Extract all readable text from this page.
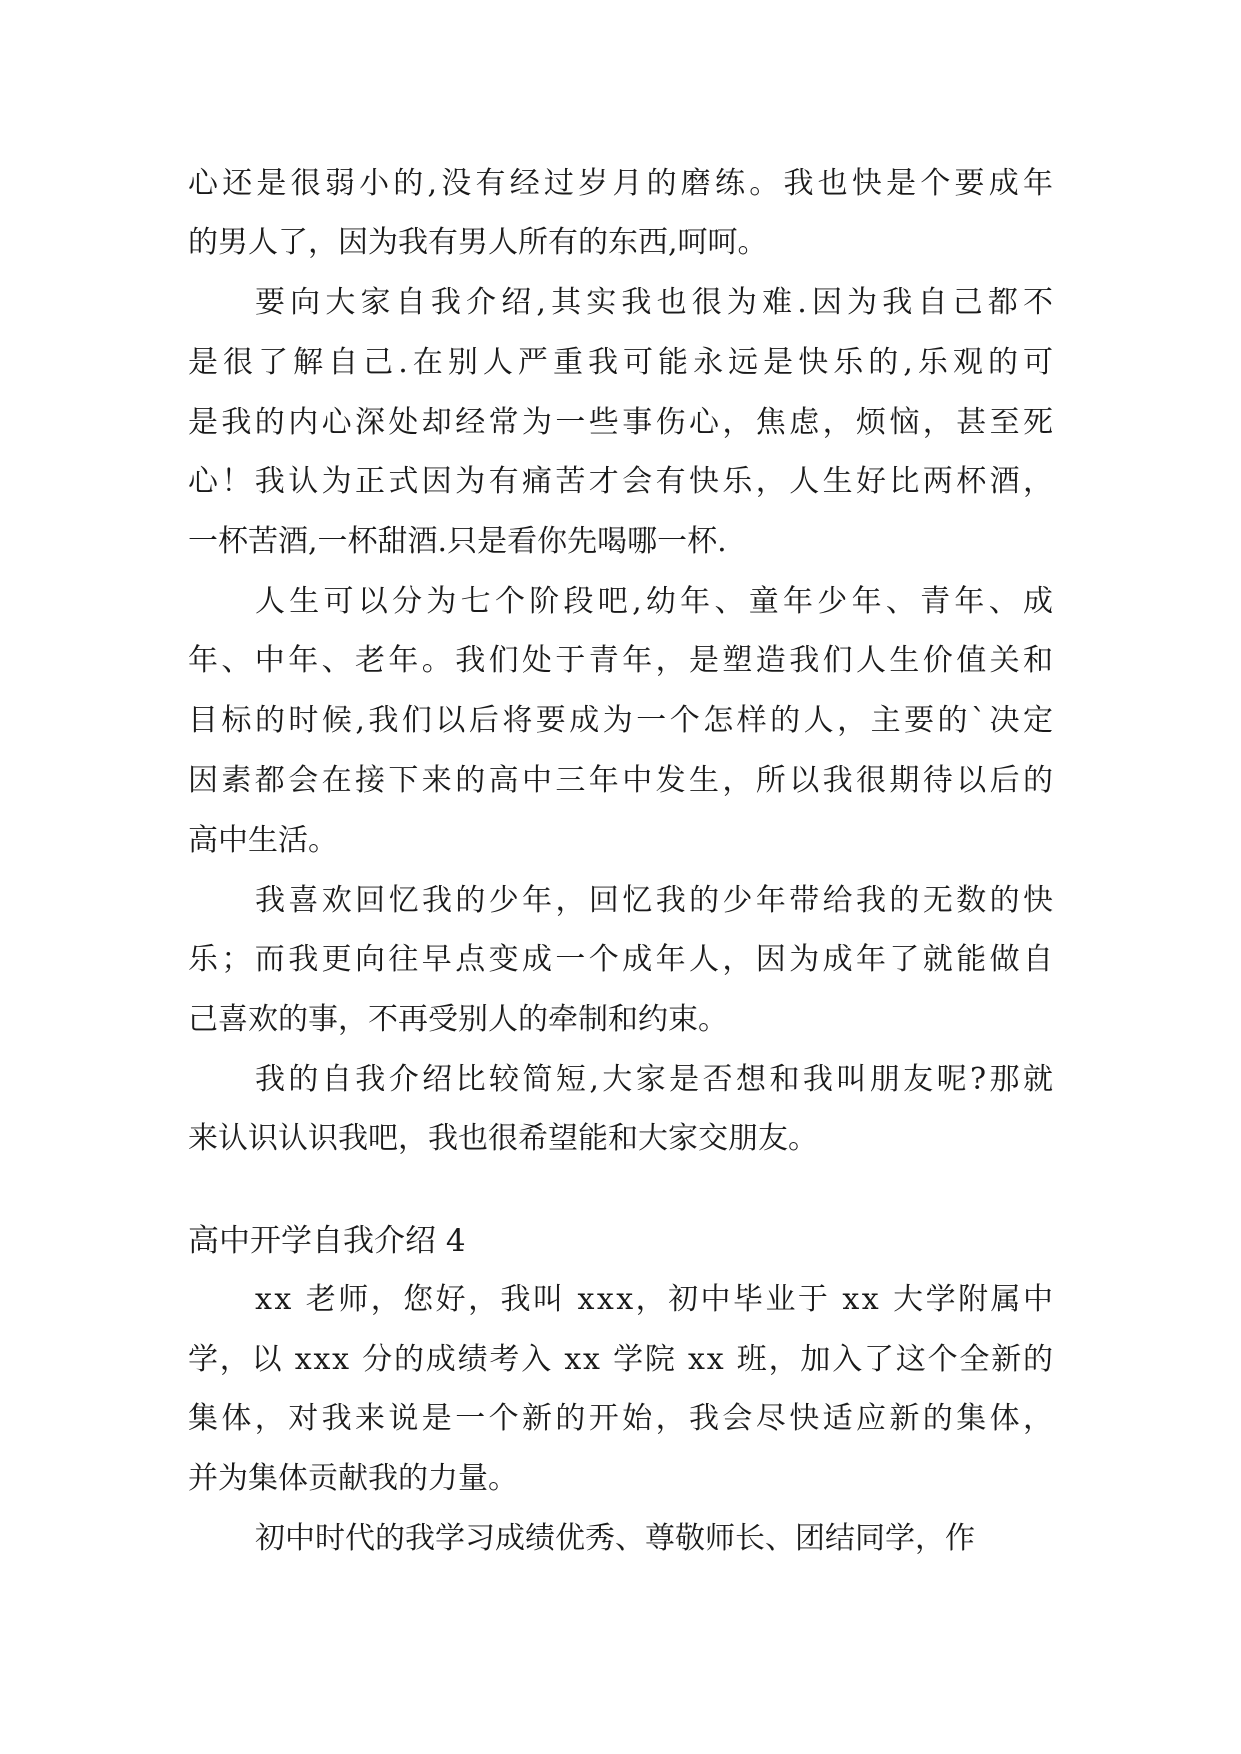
心还是很弱小的,没有经过岁月的磨练。我也快是个要成年
的男人了，因为我有男人所有的东西,呵呵。
要向大家自我介绍,其实我也很为难.因为我自己都不
是很了解自己.在别人严重我可能永远是快乐的,乐观的可
是我的内心深处却经常为一些事伤心，焦虑，烦恼，甚至死
心！我认为正式因为有痛苦才会有快乐，人生好比两杯酒，
一杯苦酒,一杯甜酒.只是看你先喝哪一杯.
人生可以分为七个阶段吧,幼年、童年少年、青年、成
年、中年、老年。我们处于青年，是塑造我们人生价值关和
目标的时候,我们以后将要成为一个怎样的人，主要的`决定
因素都会在接下来的高中三年中发生，所以我很期待以后的
高中生活。
我喜欢回忆我的少年，回忆我的少年带给我的无数的快
乐；而我更向往早点变成一个成年人，因为成年了就能做自
己喜欢的事，不再受别人的牵制和约束。
我的自我介绍比较简短,大家是否想和我叫朋友呢?那就
来认识认识我吧，我也很希望能和大家交朋友。
高中开学自我介绍 4
xx 老师，您好，我叫 xxx，初中毕业于 xx 大学附属中
学，以 xxx 分的成绩考入 xx 学院 xx 班，加入了这个全新的
集体，对我来说是一个新的开始，我会尽快适应新的集体，
并为集体贡献我的力量。
初中时代的我学习成绩优秀、尊敬师长、团结同学，作
